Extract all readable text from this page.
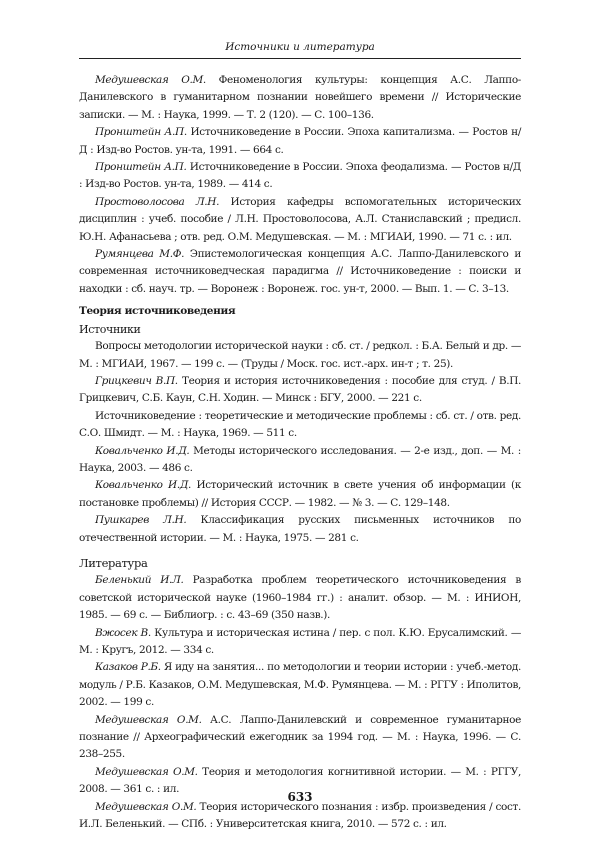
Источники и литература

Медушевская О.М. Феноменология культуры: концепция А.С. Лаппо-Данилевского в гуманитарном познании новейшего времени // Исторические записки. — М. : Наука, 1999. — Т. 2 (120). — С. 100–136.

Пронштейн А.П. Источниковедение в России. Эпоха капитализма. — Ростов н/Д : Изд-во Ростов. ун-та, 1991. — 664 с.

Пронштейн А.П. Источниковедение в России. Эпоха феодализма. — Ростов н/Д : Изд-во Ростов. ун-та, 1989. — 414 с.

Простоволосова Л.Н. История кафедры вспомогательных исторических дисциплин : учеб. пособие / Л.Н. Простоволосова, А.Л. Станиславский ; предисл. Ю.Н. Афанасьева ; отв. ред. О.М. Медушевская. — М. : МГИАИ, 1990. — 71 с. : ил.

Румянцева М.Ф. Эпистемологическая концепция А.С. Лаппо-Данилевского и современная источниковедческая парадигма // Источниковедение : поиски и находки : сб. науч. тр. — Воронеж : Воронеж. гос. ун-т, 2000. — Вып. 1. — С. 3–13.

Теория источниковедения

Источники

Вопросы методологии исторической науки : сб. ст. / редкол. : Б.А. Белый и др. — М. : МГИАИ, 1967. — 199 с. — (Труды / Моск. гос. ист.-арх. ин-т ; т. 25).

Грицкевич В.П. Теория и история источниковедения : пособие для студ. / В.П. Грицкевич, С.Б. Каун, С.Н. Ходин. — Минск : БГУ, 2000. — 221 с.

Источниковедение : теоретические и методические проблемы : сб. ст. / отв. ред. С.О. Шмидт. — М. : Наука, 1969. — 511 с.

Ковальченко И.Д. Методы исторического исследования. — 2-е изд., доп. — М. : Наука, 2003. — 486 с.

Ковальченко И.Д. Исторический источник в свете учения об информации (к постановке проблемы) // История СССР. — 1982. — № 3. — С. 129–148.

Пушкарев Л.Н. Классификация русских письменных источников по отечественной истории. — М. : Наука, 1975. — 281 с.

Литература

Беленький И.Л. Разработка проблем теоретического источниковедения в советской исторической науке (1960–1984 гг.) : аналит. обзор. — М. : ИНИОН, 1985. — 69 с. — Библиогр. : с. 43–69 (350 назв.).

Вжосек В. Культура и историческая истина / пер. с пол. К.Ю. Ерусалимский. — М. : Кругъ, 2012. — 334 с.

Казаков Р.Б. Я иду на занятия... по методологии и теории истории : учеб.-метод. модуль / Р.Б. Казаков, О.М. Медушевская, М.Ф. Румянцева. — М. : РГГУ : Иполитов, 2002. — 199 с.

Медушевская О.М. А.С. Лаппо-Данилевский и современное гуманитарное познание // Археографический ежегодник за 1994 год. — М. : Наука, 1996. — С. 238–255.

Медушевская О.М. Теория и методология когнитивной истории. — М. : РГГУ, 2008. — 361 с. : ил.

Медушевская О.М. Теория исторического познания : избр. произведения / сост. И.Л. Беленький. — СПб. : Университетская книга, 2010. — 572 с. : ил.

633
